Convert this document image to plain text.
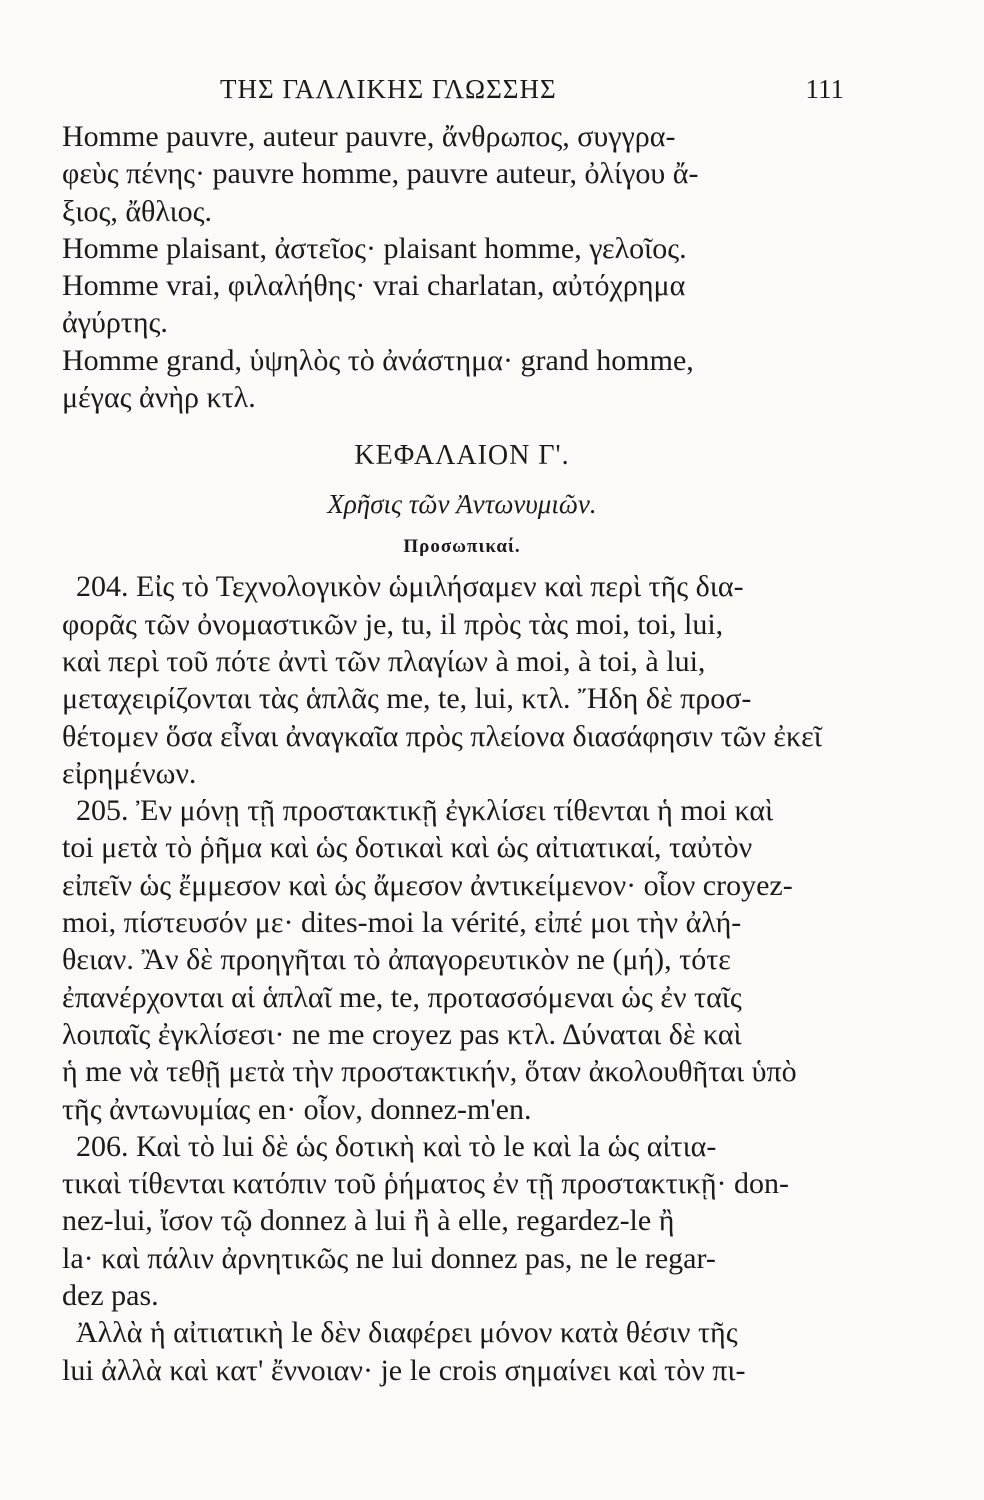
ΤΗΣ ΓΑΛΛΙΚΗΣ ΓΛΩΣΣΗΣ	111
Homme pauvre, auteur pauvre, ἄνθρωπος, συγγρα-
φεὺς πένης· pauvre homme, pauvre auteur, ὀλίγου ἄ-
ξιος, ἄθλιος.
Homme plaisant, ἀστεῖος· plaisant homme, γελοῖος.
Homme vrai, φιλαλήθης· vrai charlatan, αὐτόχρημα
ἀγύρτης.
Homme grand, ὑψηλὸς τὸ ἀνάστημα· grand homme,
μέγας ἀνὴρ κτλ.
ΚΕΦΑΛΑΙΟΝ Γ'.
Χρῆσις τῶν Ἀντωνυμιῶν.
Προσωπικαί.
204. Εἰς τὸ Τεχνολογικὸν ὡμιλήσαμεν καὶ περὶ τῆς δια-
φορᾶς τῶν ὀνομαστικῶν je, tu, il πρὸς τὰς moi, toi, lui,
καὶ περὶ τοῦ πότε ἀντὶ τῶν πλαγίων à moi, à toi, à lui,
μεταχειρίζονται τὰς ἁπλᾶς me, te, lui, κτλ. Ἤδη δὲ προσ-
θέτομεν ὅσα εἶναι ἀναγκαῖα πρὸς πλείονα διασάφησιν τῶν ἐκεῖ
εἰρημένων.
205. Ἐν μόνῃ τῇ προστακτικῇ ἐγκλίσει τίθενται ἡ moi καὶ
toi μετὰ τὸ ῥῆμα καὶ ὡς δοτικαὶ καὶ ὡς αἰτιατικαί, ταὐτὸν
εἰπεῖν ὡς ἔμμεσον καὶ ὡς ἄμεσον ἀντικείμενον· οἷον croyez-
moi, πίστευσόν με· dites-moi la vérité, εἰπέ μοι τὴν ἀλή-
θειαν. Ἂν δὲ προηγῆται τὸ ἀπαγορευτικὸν ne (μή), τότε
ἐπανέρχονται αἱ ἁπλαῖ me, te, προτασσόμεναι ὡς ἐν ταῖς
λοιπαῖς ἐγκλίσεσι· ne me croyez pas κτλ. Δύναται δὲ καὶ
ἡ me νὰ τεθῇ μετὰ τὴν προστακτικήν, ὅταν ἀκολουθῆται ὑπὸ
τῆς ἀντωνυμίας en· οἷον, donnez-m'en.
206. Καὶ τὸ lui δὲ ὡς δοτικὴ καὶ τὸ le καὶ la ὡς αἰτια-
τικαὶ τίθενται κατόπιν τοῦ ῥήματος ἐν τῇ προστακτικῇ· don-
nez-lui, ἴσον τῷ donnez à lui ἢ à elle, regardez-le ἢ
la· καὶ πάλιν ἀρνητικῶς ne lui donnez pas, ne le regar-
dez pas.
Ἀλλὰ ἡ αἰτιατικὴ le δὲν διαφέρει μόνον κατὰ θέσιν τῆς
lui ἀλλὰ καὶ κατ' ἔννοιαν· je le crois σημαίνει καὶ τὸν πι-
